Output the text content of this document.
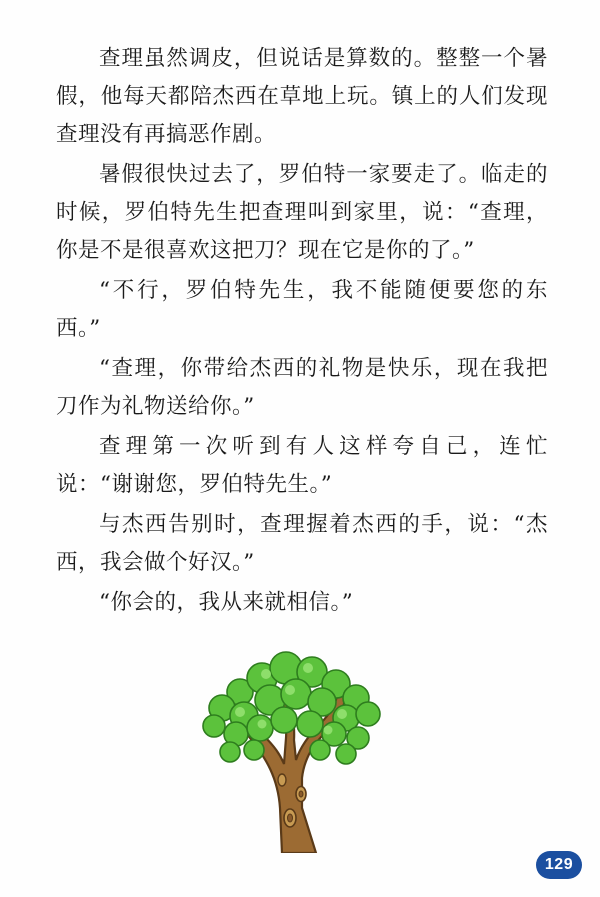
查理虽然调皮，但说话是算数的。整整一个暑假，他每天都陪杰西在草地上玩。镇上的人们发现查理没有再搞恶作剧。

暑假很快过去了，罗伯特一家要走了。临走的时候，罗伯特先生把查理叫到家里，说：“查理，你是不是很喜欢这把刀？现在它是你的了。”

“不行，罗伯特先生，我不能随便要您的东西。”

“查理，你带给杰西的礼物是快乐，现在我把刀作为礼物送给你。”

查理第一次听到有人这样夸自己，连忙说：“谢谢您，罗伯特先生。”

与杰西告别时，查理握着杰西的手，说：“杰西，我会做个好汉。”

“你会的，我从来就相信。”

129
